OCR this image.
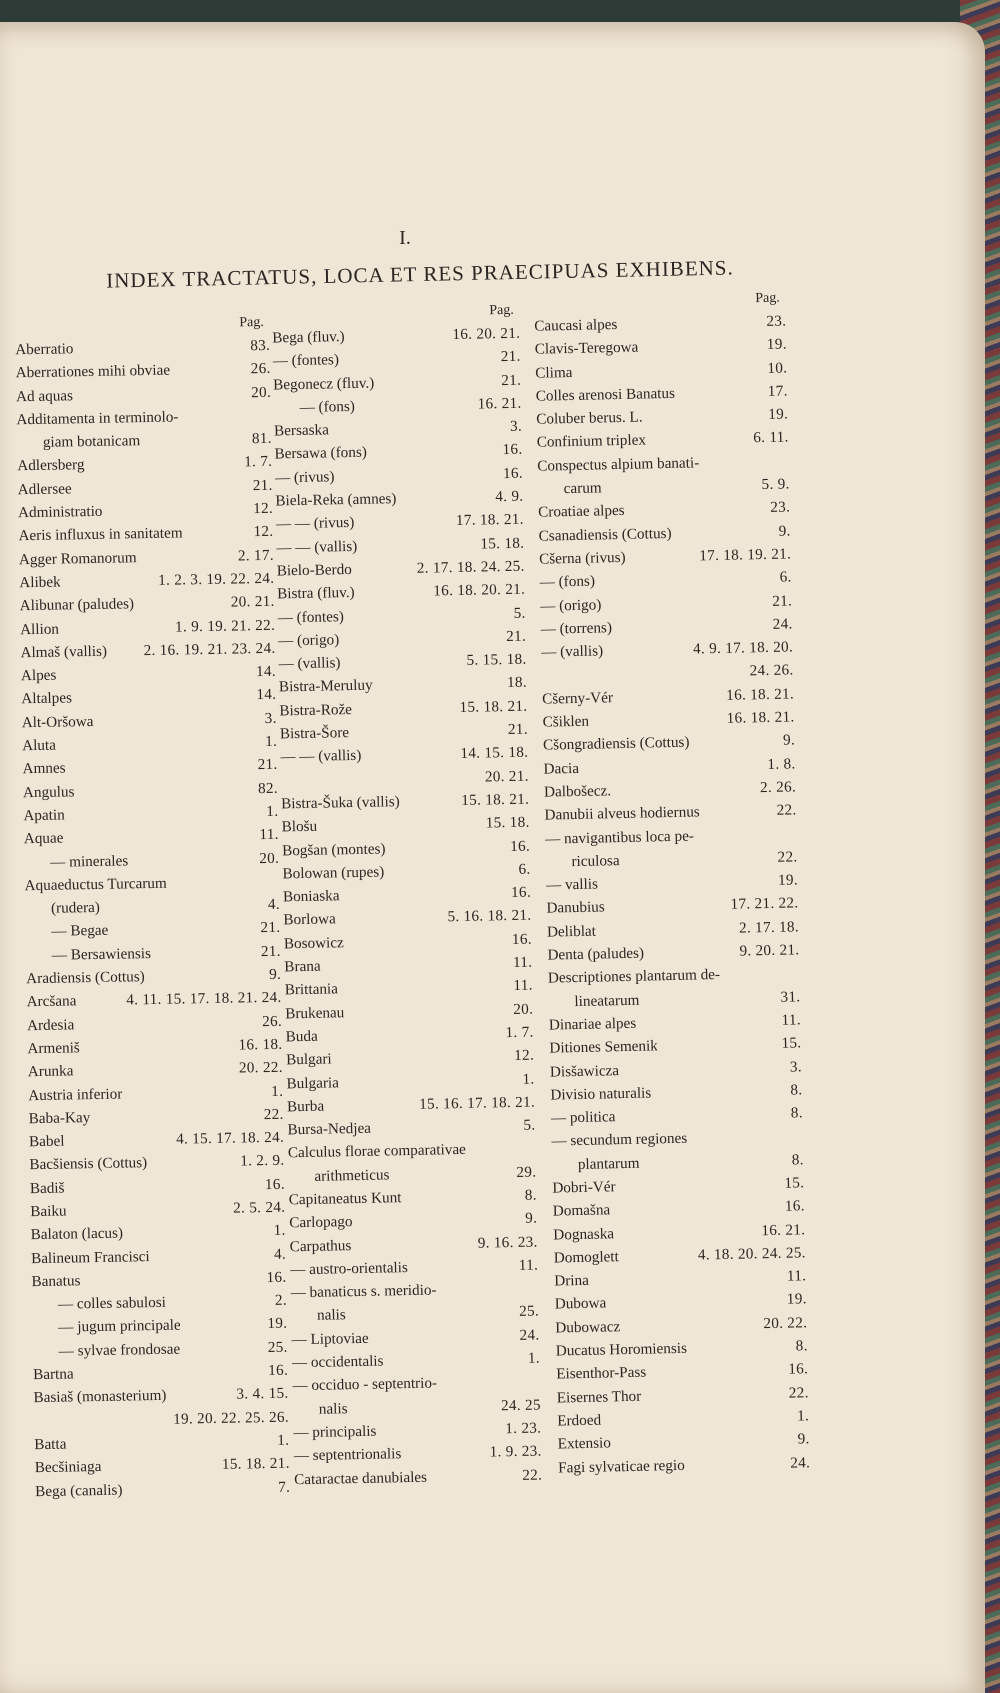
I.
INDEX TRACTATUS, LOCA ET RES PRAECIPUAS EXHIBENS.
Pag.
Aberratio	83.
Aberrationes mihi obviae	26.
Ad aquas	20.
Additamenta in terminolo-
giam botanicam	81.
Adlersberg	1. 7.
Adlersee	21.
Administratio	12.
Aeris influxus in sanitatem	12.
Agger Romanorum	2. 17.
Alibek	1. 2. 3. 19. 22. 24.
Alibunar (paludes)	20. 21.
Allion	1. 9. 19. 21. 22.
Almaš (vallis)	2. 16. 19. 21. 23. 24.
Alpes	14.
Altalpes	14.
Alt-Oršowa	3.
Aluta	1.
Amnes	21.
Angulus	82.
Apatin	1.
Aquae	11.
— minerales	20.
Aquaeductus Turcarum
(rudera)	4.
— Begae	21.
— Bersawiensis	21.
Aradiensis (Cottus)	9.
Arcšana	4. 11. 15. 17. 18. 21. 24.
Ardesia	26.
Armeniš	16. 18.
Arunka	20. 22.
Austria inferior	1.
Baba-Kay	22.
Babel	4. 15. 17. 18. 24.
Bacšiensis (Cottus)	1. 2. 9.
Badiš	16.
Baiku	2. 5. 24.
Balaton (lacus)	1.
Balineum Francisci	4.
Banatus	16.
— colles sabulosi	2.
— jugum principale	19.
— sylvae frondosae	25.
Bartna	16.
Basiaš (monasterium)	3. 4. 15.
19. 20. 22. 25. 26.
Batta	1.
Becšiniaga	15. 18. 21.
Bega (canalis)	7.
Pag.
Bega (fluv.)	16. 20. 21.
— (fontes)	21.
Begonecz (fluv.)	21.
— (fons)	16. 21.
Bersaska	3.
Bersawa (fons)	16.
— (rivus)	16.
Biela-Reka (amnes)	4. 9.
— — (rivus)	17. 18. 21.
— — (vallis)	15. 18.
Bielo-Berdo	2. 17. 18. 24. 25.
Bistra (fluv.)	16. 18. 20. 21.
— (fontes)	5.
— (origo)	21.
— (vallis)	5. 15. 18.
Bistra-Meruluy	18.
Bistra-Rože	15. 18. 21.
Bistra-Šore	21.
— — (vallis)	14. 15. 18.
20. 21.
Bistra-Šuka (vallis)	15. 18. 21.
Blošu	15. 18.
Bogšan (montes)	16.
Bolowan (rupes)	6.
Boniaska	16.
Borlowa	5. 16. 18. 21.
Bosowicz	16.
Brana	11.
Brittania	11.
Brukenau	20.
Buda	1. 7.
Bulgari	12.
Bulgaria	1.
Burba	15. 16. 17. 18. 21.
Bursa-Nedjea	5.
Calculus florae comparativae
arithmeticus	29.
Capitaneatus Kunt	8.
Carlopago	9.
Carpathus	9. 16. 23.
— austro-orientalis	11.
— banaticus s. meridio-
nalis	25.
— Liptoviae	24.
— occidentalis	1.
— occiduo - septentrio-
nalis	24. 25
— principalis	1. 23.
— septentrionalis	1. 9. 23.
Cataractae danubiales	22.
Pag.
Caucasi alpes	23.
Clavis-Teregowa	19.
Clima	10.
Colles arenosi Banatus	17.
Coluber berus. L.	19.
Confinium triplex	6. 11.
Conspectus alpium banati-
carum	5. 9.
Croatiae alpes	23.
Csanadiensis (Cottus)	9.
Cšerna (rivus)	17. 18. 19. 21.
— (fons)	6.
— (origo)	21.
— (torrens)	24.
— (vallis)	4. 9. 17. 18. 20.
24. 26.
Cšerny-Vér	16. 18. 21.
Cšiklen	16. 18. 21.
Cšongradiensis (Cottus)	9.
Dacia	1. 8.
Dalbošecz.	2. 26.
Danubii alveus hodiernus	22.
— navigantibus loca pe-
riculosa	22.
— vallis	19.
Danubius	17. 21. 22.
Deliblat	2. 17. 18.
Denta (paludes)	9. 20. 21.
Descriptiones plantarum de-
lineatarum	31.
Dinariae alpes	11.
Ditiones Semenik	15.
Disšawicza	3.
Divisio naturalis	8.
— politica	8.
— secundum regiones
plantarum	8.
Dobri-Vér	15.
Domašna	16.
Dognaska	16. 21.
Domoglett	4. 18. 20. 24. 25.
Drina	11.
Dubowa	19.
Dubowacz	20. 22.
Ducatus Horomiensis	8.
Eisenthor-Pass	16.
Eisernes Thor	22.
Erdoed	1.
Extensio	9.
Fagi sylvaticae regio	24.
